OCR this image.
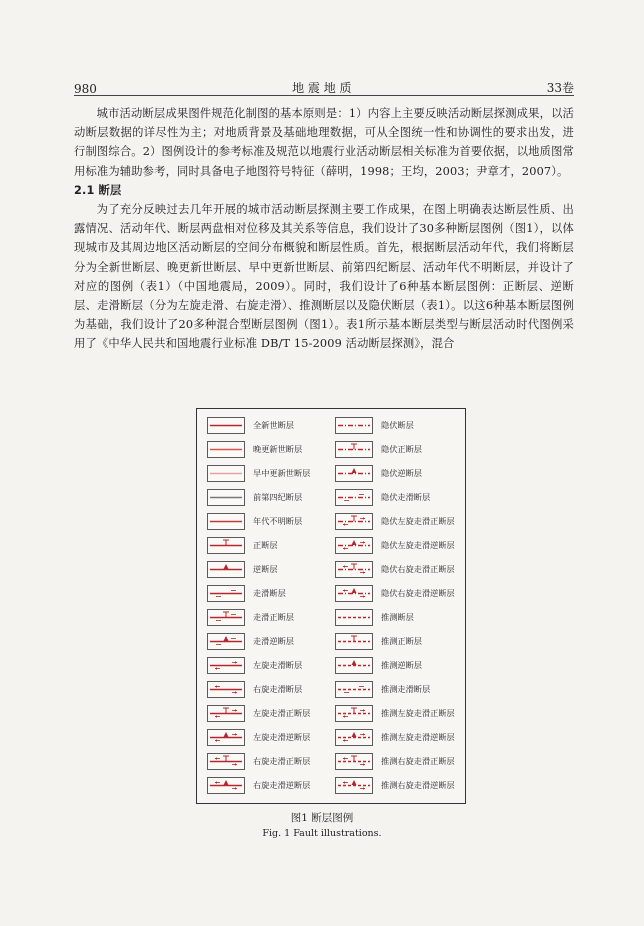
980	地 震 地 质	33卷

城市活动断层成果图件规范化制图的基本原则是：1）内容上主要反映活动断层探测成果，以活动断层数据的详尽性为主；对地质背景及基础地理数据，可从全图统一性和协调性的要求出发，进行制图综合。2）图例设计的参考标准及规范以地震行业活动断层相关标准为首要依据，以地质图常用标准为辅助参考，同时具备电子地图符号特征（薛明，1998；王均，2003；尹章才，2007）。

2.1 断层

为了充分反映过去几年开展的城市活动断层探测主要工作成果，在图上明确表达断层性质、出露情况、活动年代、断层两盘相对位移及其关系等信息，我们设计了30多种断层图例（图1），以体现城市及其周边地区活动断层的空间分布概貌和断层性质。首先，根据断层活动年代，我们将断层分为全新世断层、晚更新世断层、早中更新世断层、前第四纪断层、活动年代不明断层，并设计了对应的图例（表1）（中国地震局，2009）。同时，我们设计了6种基本断层图例：正断层、逆断层、走滑断层（分为左旋走滑、右旋走滑）、推测断层以及隐伏断层（表1）。以这6种基本断层图例为基础，我们设计了20多种混合型断层图例（图1）。表1所示基本断层类型与断层活动时代图例采用了《中华人民共和国地震行业标准 DB/T 15-2009 活动断层探测》，混合

全新世断层
晚更新世断层
早中更新世断层
前第四纪断层
年代不明断层
正断层
逆断层
走滑断层
走滑正断层
走滑逆断层
左旋走滑断层
右旋走滑断层
左旋走滑正断层
左旋走滑逆断层
右旋走滑正断层
右旋走滑逆断层
隐伏断层
隐伏正断层
隐伏逆断层
隐伏走滑断层
隐伏左旋走滑正断层
隐伏左旋走滑逆断层
隐伏右旋走滑正断层
隐伏右旋走滑逆断层
推测断层
推测正断层
推测逆断层
推测走滑断层
推测左旋走滑正断层
推测左旋走滑逆断层
推测右旋走滑正断层
推测右旋走滑逆断层
图1 断层图例
Fig. 1 Fault illustrations.
